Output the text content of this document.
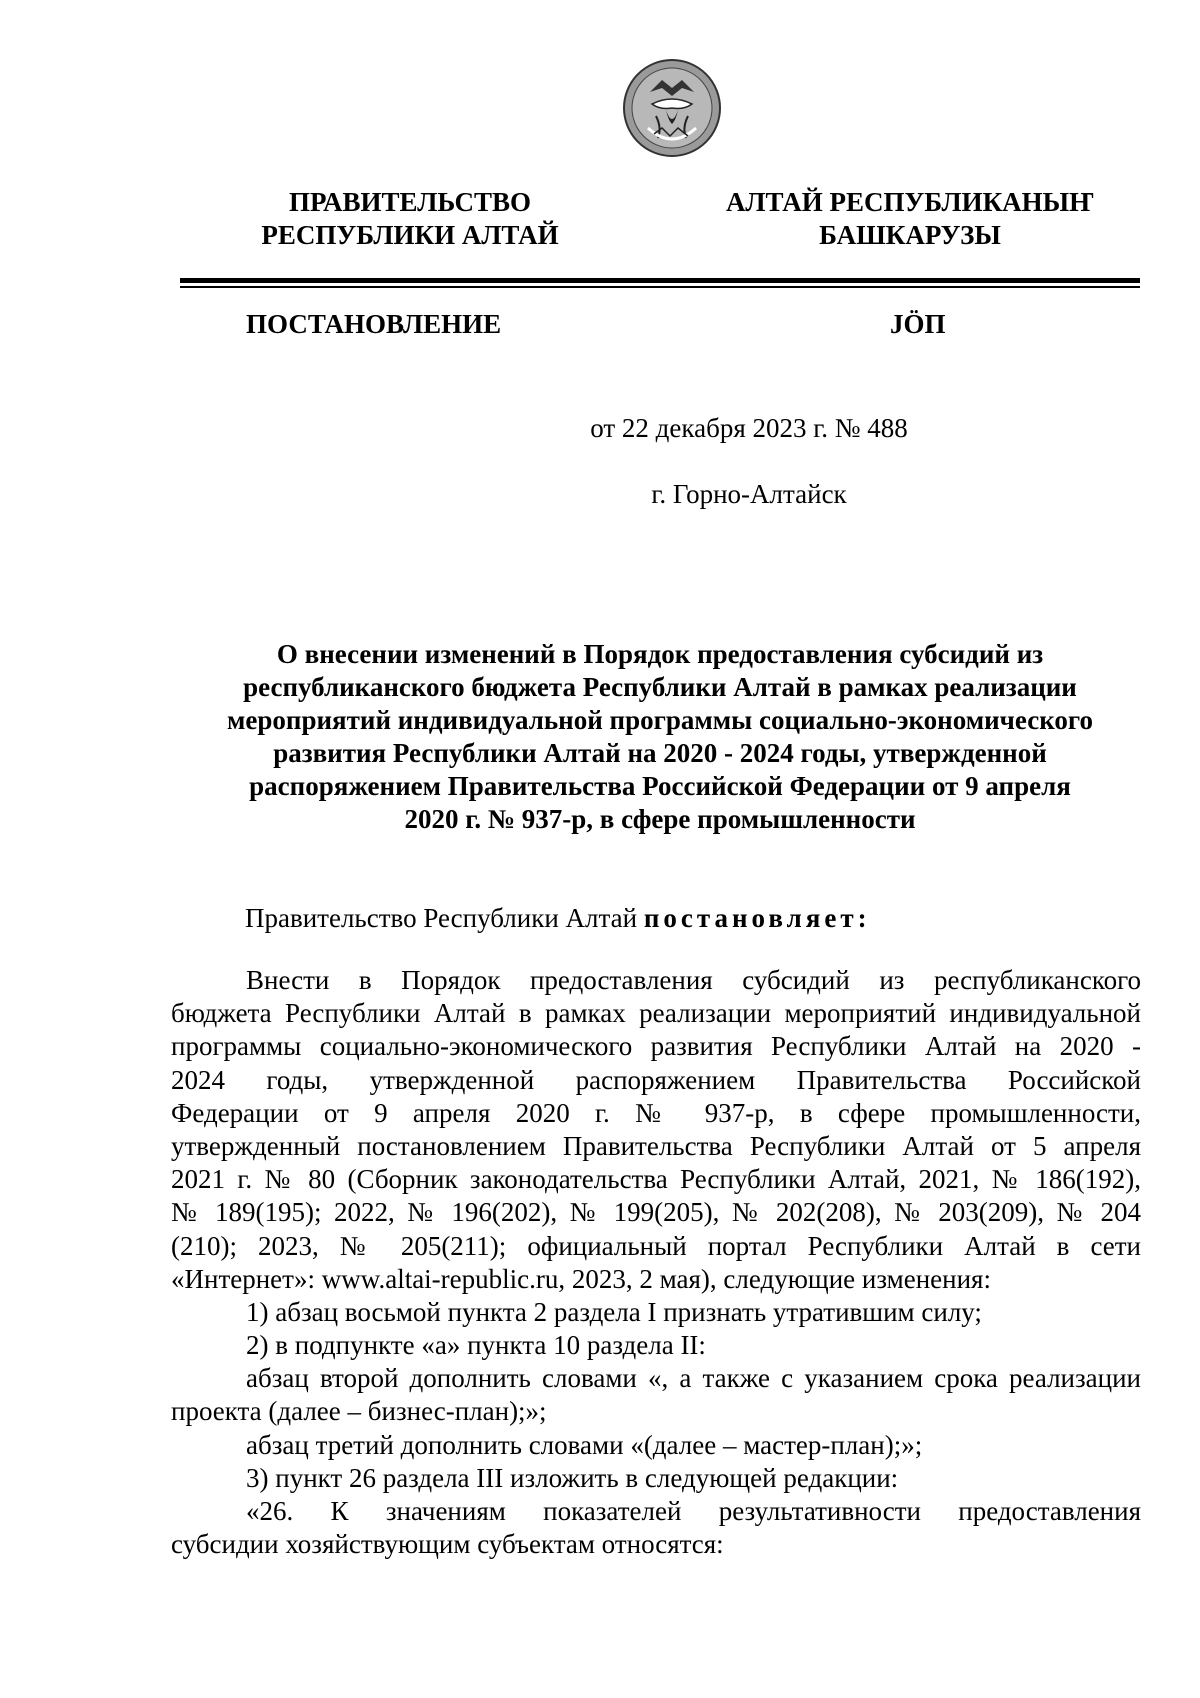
ПРАВИТЕЛЬСТВО
РЕСПУБЛИКИ АЛТАЙ
АЛТАЙ РЕСПУБЛИКАНЫҤ
БАШКАРУЗЫ
ПОСТАНОВЛЕНИЕ	JÖП
от 22 декабря 2023 г. № 488
г. Горно-Алтайск
О внесении изменений в Порядок предоставления субсидий из
республиканского бюджета Республики Алтай в рамках реализации
мероприятий индивидуальной программы социально-экономического
развития Республики Алтай на 2020 - 2024 годы, утвержденной
распоряжением Правительства Российской Федерации от 9 апреля
2020 г. № 937-р, в сфере промышленности
Правительство Республики Алтай постановляет:
Внести в Порядок предоставления субсидий из республиканского
бюджета Республики Алтай в рамках реализации мероприятий индивидуальной
программы социально-экономического развития Республики Алтай на 2020 -
2024 годы, утвержденной распоряжением Правительства Российской
Федерации от 9 апреля 2020 г. № 937-р, в сфере промышленности,
утвержденный постановлением Правительства Республики Алтай от 5 апреля
2021 г. № 80 (Сборник законодательства Республики Алтай, 2021, № 186(192),
№ 189(195); 2022, № 196(202), № 199(205), № 202(208), № 203(209), № 204
(210); 2023, № 205(211); официальный портал Республики Алтай в сети
«Интернет»: www.altai-republic.ru, 2023, 2 мая), следующие изменения:
1) абзац восьмой пункта 2 раздела I признать утратившим силу;
2) в подпункте «а» пункта 10 раздела II:
абзац второй дополнить словами «, а также с указанием срока реализации
проекта (далее – бизнес-план);»;
абзац третий дополнить словами «(далее – мастер-план);»;
3) пункт 26 раздела III изложить в следующей редакции:
«26. К значениям показателей результативности предоставления
субсидии хозяйствующим субъектам относятся:
